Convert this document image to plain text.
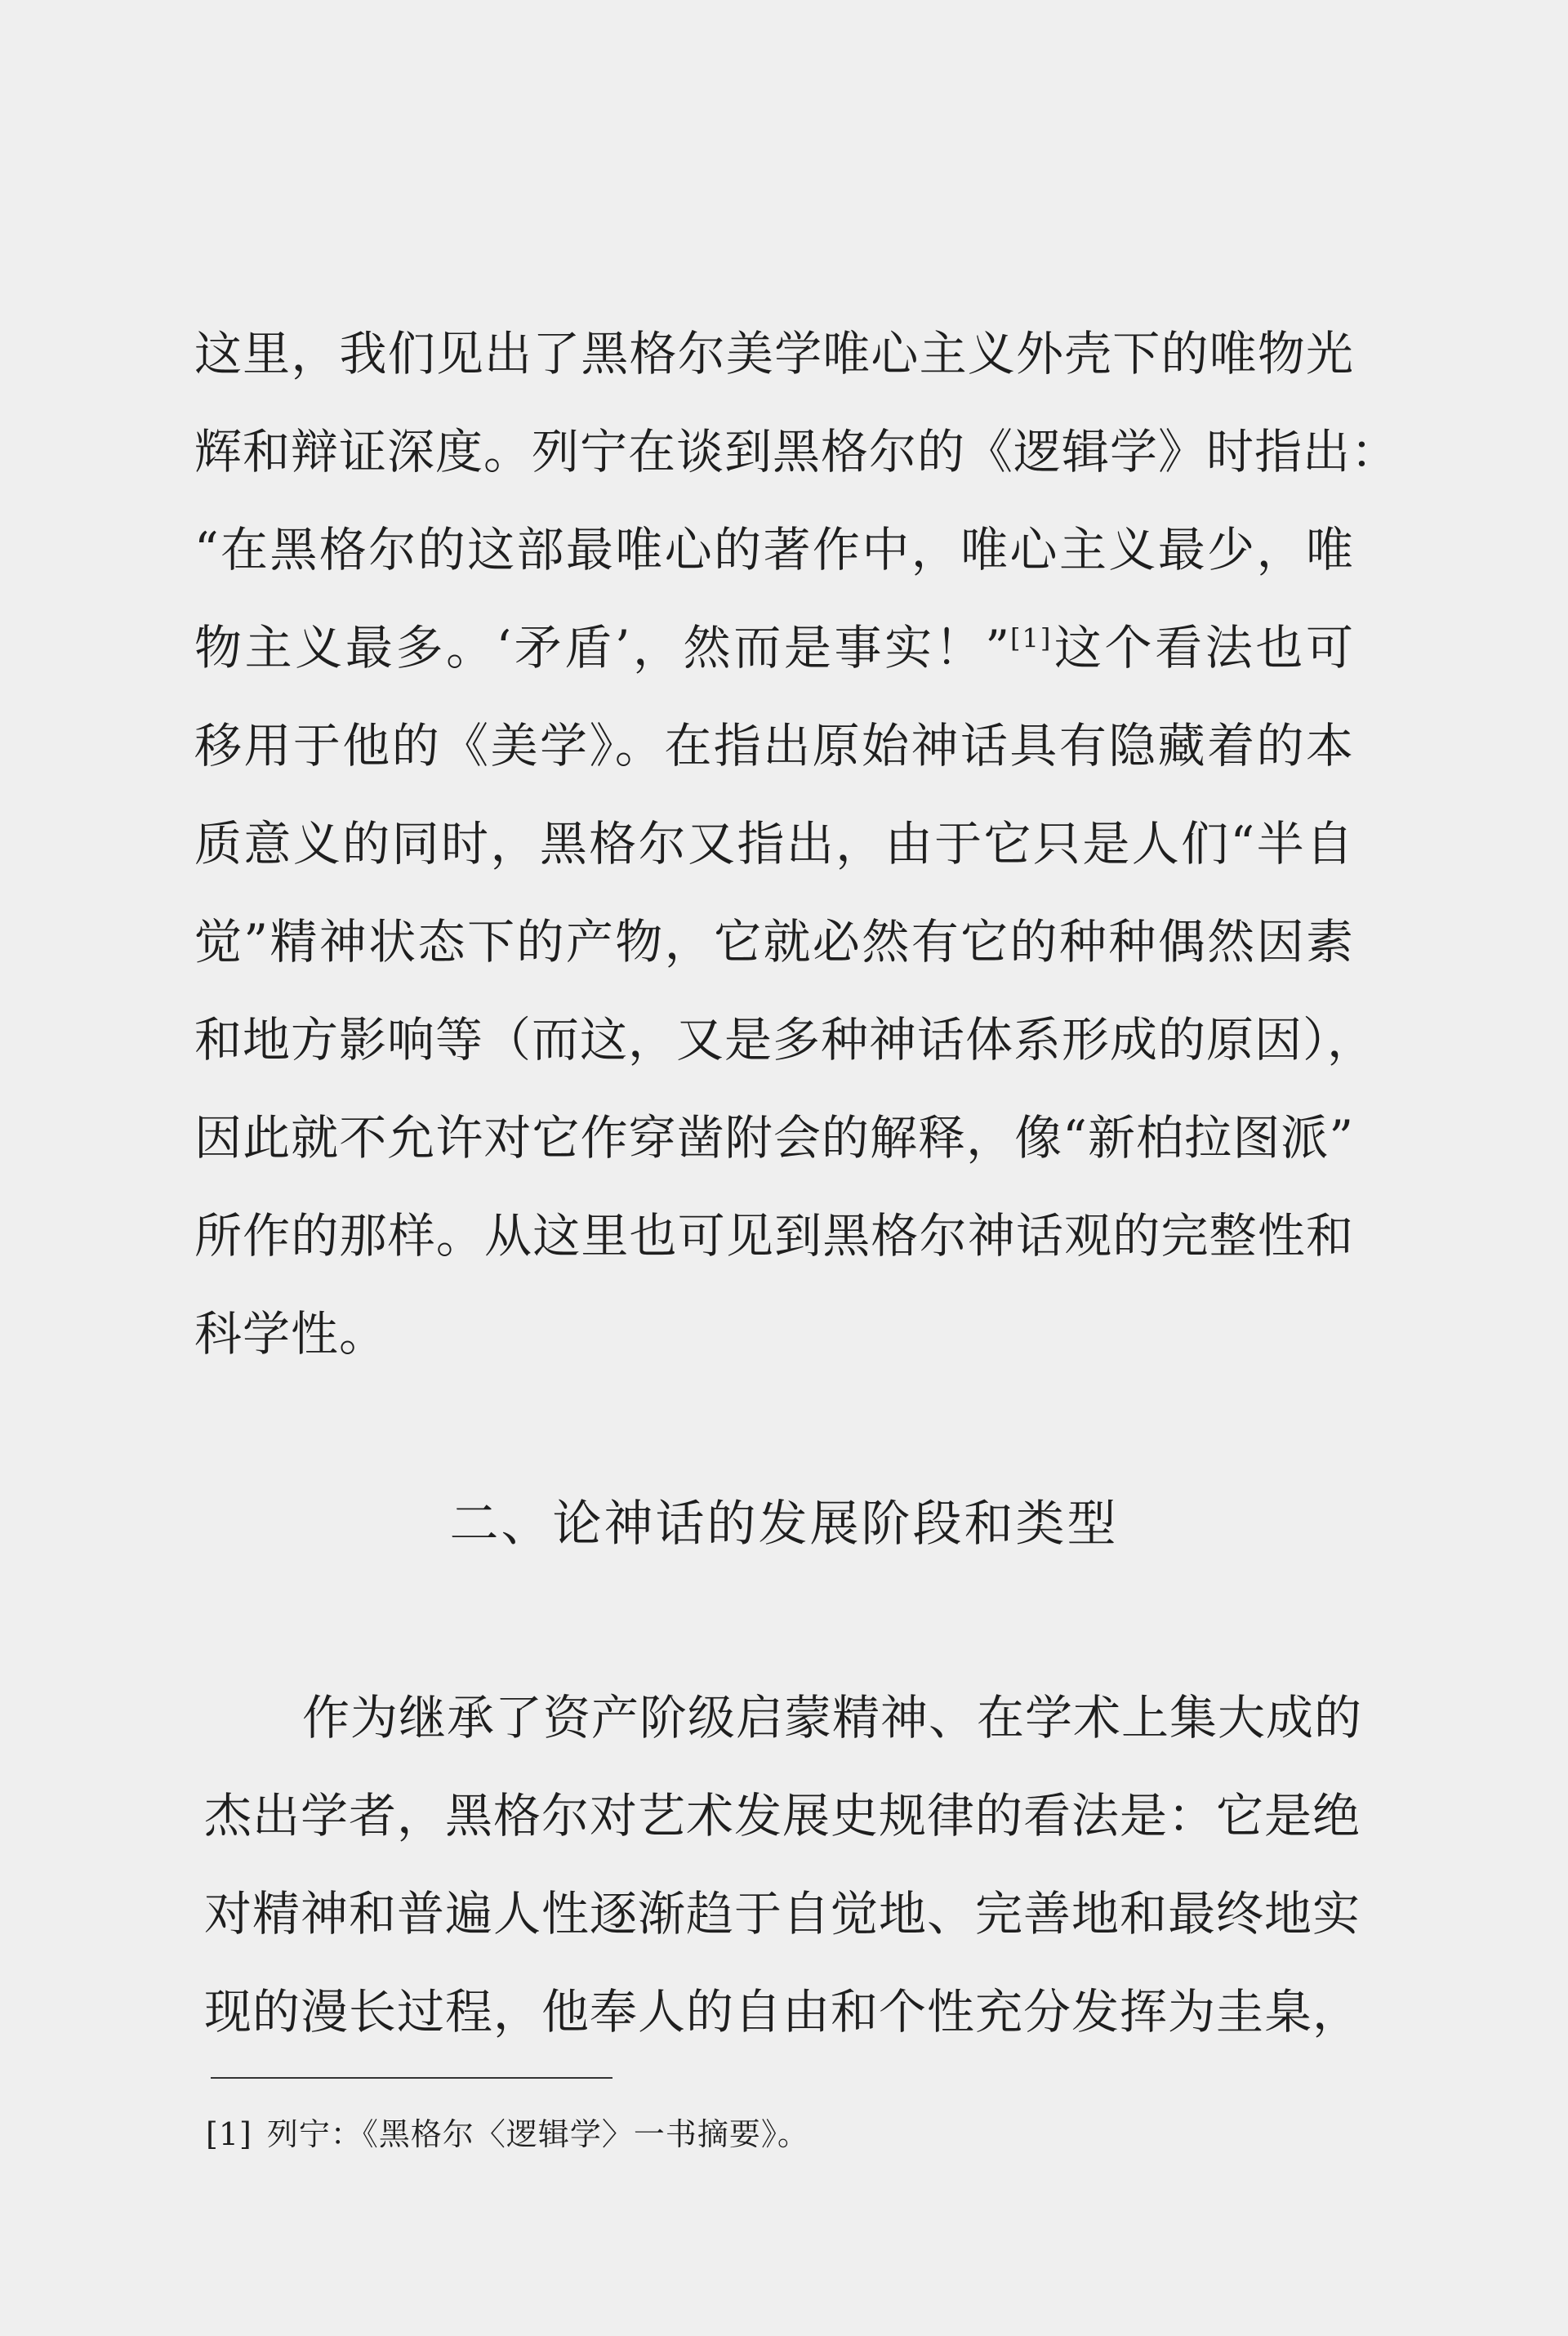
这里，我们见出了黑格尔美学唯心主义外壳下的唯物光
辉和辩证深度。列宁在谈到黑格尔的《逻辑学》时指出：
“在黑格尔的这部最唯心的著作中，唯心主义最少，唯
物主义最多。‘矛盾’，然而是事实！”[1]这个看法也可
移用于他的《美学》。在指出原始神话具有隐藏着的本
质意义的同时，黑格尔又指出，由于它只是人们“半自
觉”精神状态下的产物，它就必然有它的种种偶然因素
和地方影响等（而这，又是多种神话体系形成的原因），
因此就不允许对它作穿凿附会的解释，像“新柏拉图派”
所作的那样。从这里也可见到黑格尔神话观的完整性和
科学性。
二、论神话的发展阶段和类型
作为继承了资产阶级启蒙精神、在学术上集大成的
杰出学者，黑格尔对艺术发展史规律的看法是：它是绝
对精神和普遍人性逐渐趋于自觉地、完善地和最终地实
现的漫长过程，他奉人的自由和个性充分发挥为圭臬，
[1] 列宁：《黑格尔〈逻辑学〉一书摘要》。
